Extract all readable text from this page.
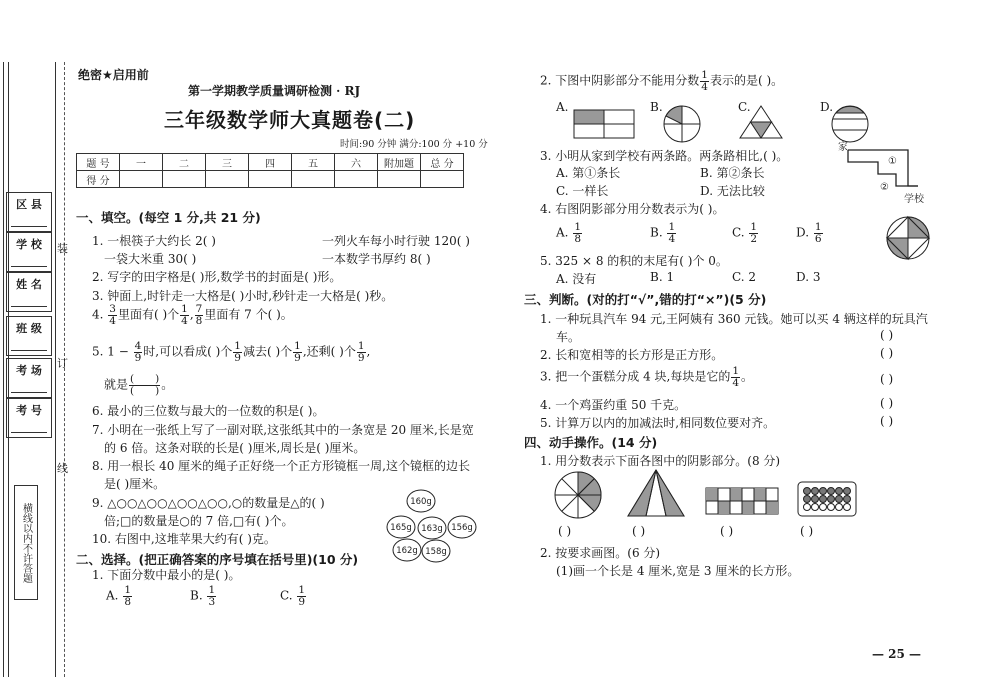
区 县
学 校
姓 名
班 级
考 场
考 号
装
订
线
横线以内不许答题
绝密★启用前
第一学期教学质量调研检测 · RJ
三年级数学师大真题卷(二)
时间:90 分钟 满分:100 分 +10 分
题 号	一	二	三	四	五	六	附加题	总 分
得 分								
一、填空。(每空 1 分,共 21 分)
1. 一根筷子大约长 2( )	一列火车每小时行驶 120( )
一袋大米重 30( )	一本数学书厚约 8( )
2. 写字的田字格是( )形,数学书的封面是( )形。
3. 钟面上,时针走一大格是( )小时,秒针走一大格是( )秒。
4. $\frac{3}{4}$ 里面有( )个 $\frac{1}{4}$ , $\frac{7}{8}$ 里面有 7 个( )。
5. $1 - \frac{4}{9}$ 时,可以看成( )个 $\frac{1}{9}$ 减去( )个 $\frac{1}{9}$ ,还剩( )个 $\frac{1}{9}$ ,
就是 $\frac{( )}{( )}$ 。
6. 最小的三位数与最大的一位数的积是( )。
7. 小明在一张纸上写了一副对联,这张纸其中的一条宽是 20 厘米,长是宽
的 6 倍。这条对联的长是( )厘米,周长是( )厘米。
8. 用一根长 40 厘米的绳子正好绕一个正方形镜框一周,这个镜框的边长
是( )厘米。
9. △○○△○○△○○△○○,○的数量是△的( )
倍;□的数量是○的 7 倍,□有( )个。
10. 右图中,这堆苹果大约有( )克。
160g
165g 163g 156g
162g 158g
二、选择。(把正确答案的序号填在括号里)(10 分)
1. 下面分数中最小的是( )。
A. $\frac{1}{8}$	B. $\frac{1}{3}$	C. $\frac{1}{9}$
2. 下图中阴影部分不能用分数 $\frac{1}{4}$ 表示的是( )。
A.	B.	C.	D.
3. 小明从家到学校有两条路。两条路相比,( )。
A. 第①条长	B. 第②条长
C. 一样长	D. 无法比较
家
①
②
学校
4. 右图阴影部分用分数表示为( )。
A. $\frac{1}{8}$	B. $\frac{1}{4}$	C. $\frac{1}{2}$	D. $\frac{1}{6}$
5. 325 × 8 的积的末尾有( )个 0。
A. 没有	B. 1	C. 2	D. 3
三、判断。(对的打“√”,错的打“×”)(5 分)
1. 一种玩具汽车 94 元,王阿姨有 360 元钱。她可以买 4 辆这样的玩具汽
车。	( )
2. 长和宽相等的长方形是正方形。	( )
3. 把一个蛋糕分成 4 块,每块是它的 $\frac{1}{4}$ 。	( )
4. 一个鸡蛋约重 50 千克。	( )
5. 计算万以内的加减法时,相同数位要对齐。	( )
四、动手操作。(14 分)
1. 用分数表示下面各图中的阴影部分。(8 分)
( )	( )	( )	( )
2. 按要求画图。(6 分)
(1)画一个长是 4 厘米,宽是 3 厘米的长方形。
— 25 —
